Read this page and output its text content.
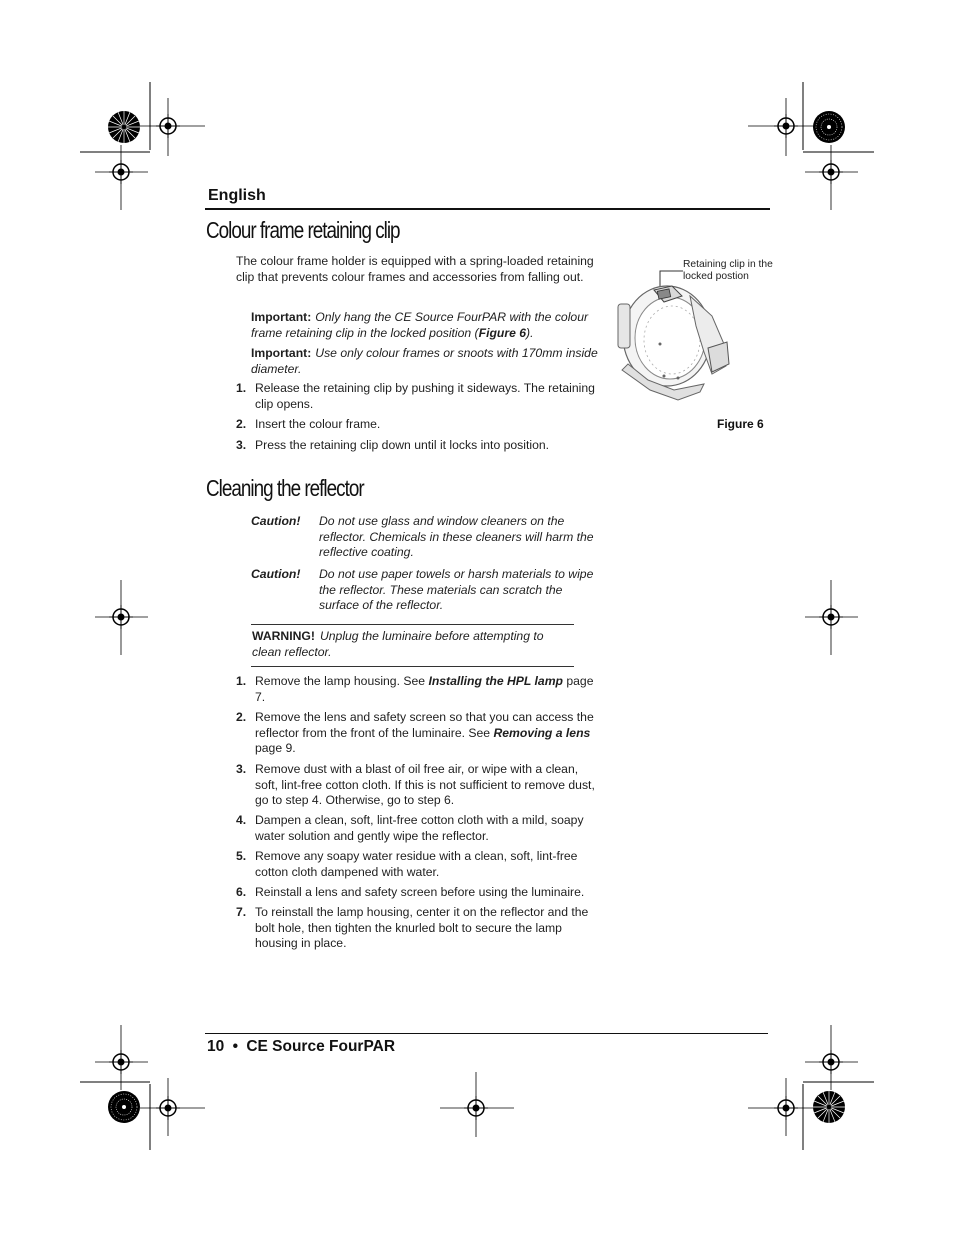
English
Colour frame retaining clip
The colour frame holder is equipped with a spring-loaded retaining clip that prevents colour frames and accessories from falling out.
Important: Only hang the CE Source FourPAR with the colour frame retaining clip in the locked position (Figure 6).
Important: Use only colour frames or snoots with 170mm inside diameter.
1. Release the retaining clip by pushing it sideways. The retaining clip opens.
2. Insert the colour frame.
3. Press the retaining clip down until it locks into position.
Retaining clip in the locked postion
Figure 6
Cleaning the reflector
Caution! Do not use glass and window cleaners on the reflector. Chemicals in these cleaners will harm the reflective coating.
Caution! Do not use paper towels or harsh materials to wipe the reflector. These materials can scratch the surface of the reflector.
WARNING! Unplug the luminaire before attempting to clean reflector.
1. Remove the lamp housing. See Installing the HPL lamp page 7.
2. Remove the lens and safety screen so that you can access the reflector from the front of the luminaire. See Removing a lens page 9.
3. Remove dust with a blast of oil free air, or wipe with a clean, soft, lint-free cotton cloth. If this is not sufficient to remove dust, go to step 4. Otherwise, go to step 6.
4. Dampen a clean, soft, lint-free cotton cloth with a mild, soapy water solution and gently wipe the reflector.
5. Remove any soapy water residue with a clean, soft, lint-free cotton cloth dampened with water.
6. Reinstall a lens and safety screen before using the luminaire.
7. To reinstall the lamp housing, center it on the reflector and the bolt hole, then tighten the knurled bolt to secure the lamp housing in place.
10 • CE Source FourPAR
